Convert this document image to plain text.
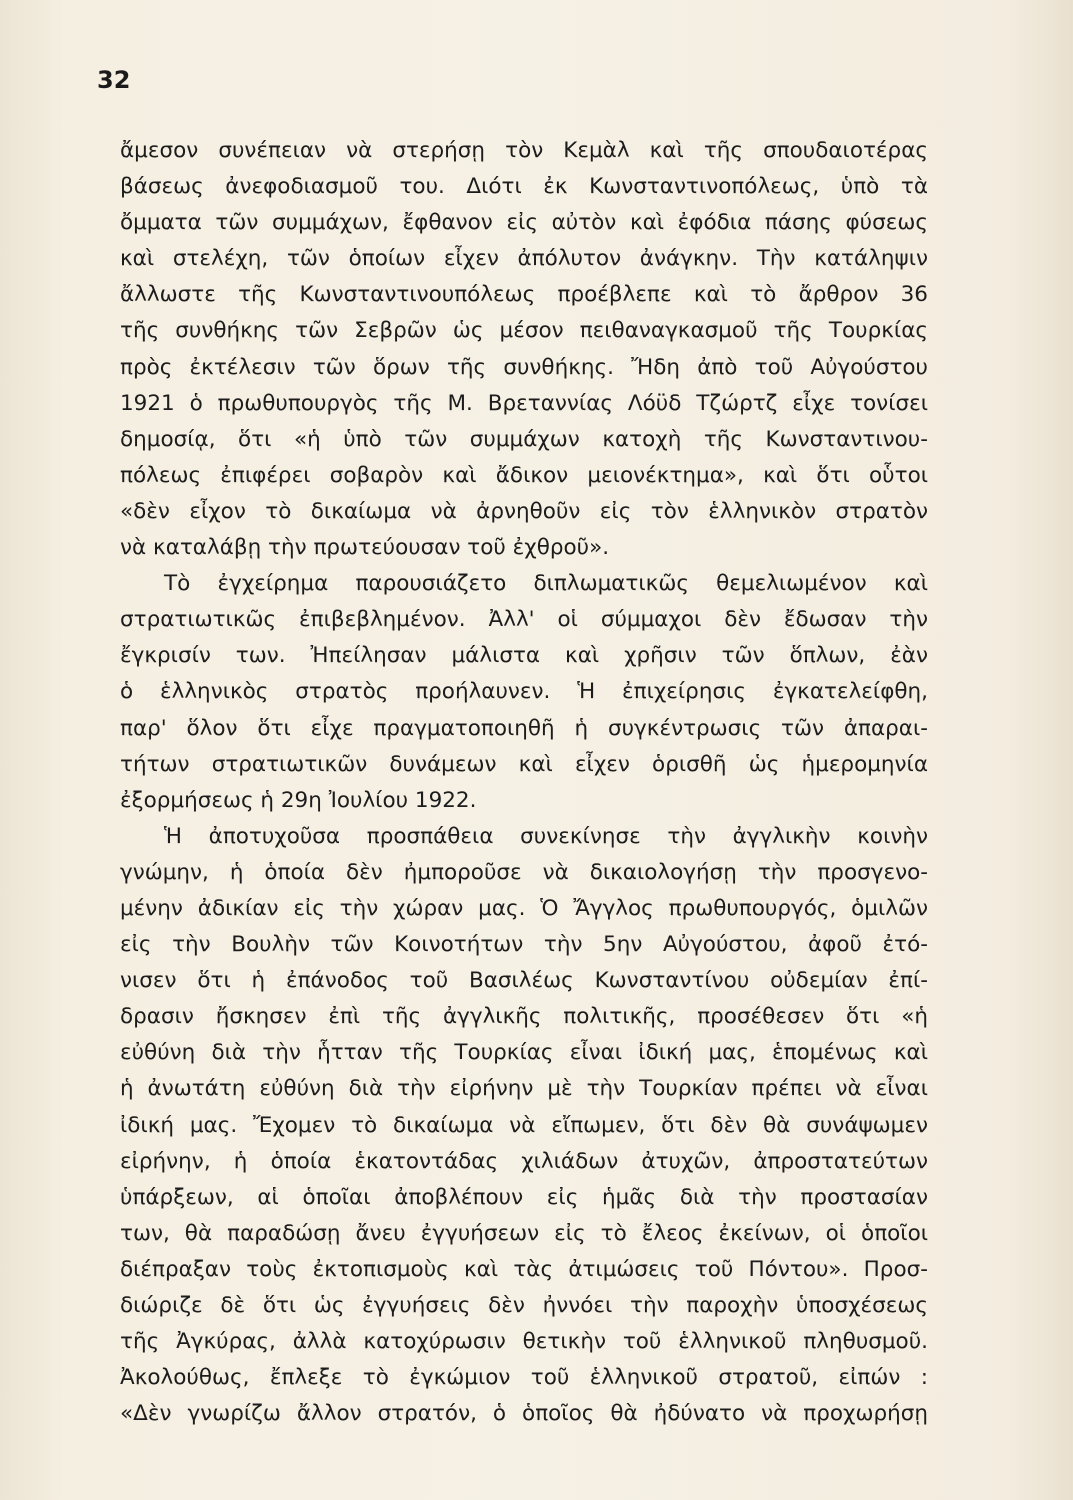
32

ἄμεσον συνέπειαν νὰ στερήσῃ τὸν Κεμὰλ καὶ τῆς σπουδαιοτέρας
βάσεως ἀνεφοδιασμοῦ του. Διότι ἐκ Κωνσταντινοπόλεως, ὑπὸ τὰ
ὄμματα τῶν συμμάχων, ἔφθανον εἰς αὐτὸν καὶ ἐφόδια πάσης φύσεως
καὶ στελέχη, τῶν ὁποίων εἶχεν ἀπόλυτον ἀνάγκην. Τὴν κατάληψιν
ἄλλωστε τῆς Κωνσταντινουπόλεως προέβλεπε καὶ τὸ ἄρθρον 36
τῆς συνθήκης τῶν Σεβρῶν ὡς μέσον πειθαναγκασμοῦ τῆς Τουρκίας
πρὸς ἐκτέλεσιν τῶν ὅρων τῆς συνθήκης. Ἤδη ἀπὸ τοῦ Αὐγούστου
1921 ὁ πρωθυπουργὸς τῆς Μ. Βρεταννίας Λόϋδ Τζώρτζ εἶχε τονίσει
δημοσίᾳ, ὅτι «ἡ ὑπὸ τῶν συμμάχων κατοχὴ τῆς Κωνσταντινου-
πόλεως ἐπιφέρει σοβαρὸν καὶ ἄδικον μειονέκτημα», καὶ ὅτι οὗτοι
«δὲν εἶχον τὸ δικαίωμα νὰ ἀρνηθοῦν εἰς τὸν ἑλληνικὸν στρατὸν
νὰ καταλάβῃ τὴν πρωτεύουσαν τοῦ ἐχθροῦ».
Τὸ ἐγχείρημα παρουσιάζετο διπλωματικῶς θεμελιωμένον καὶ
στρατιωτικῶς ἐπιβεβλημένον. Ἀλλ' οἱ σύμμαχοι δὲν ἔδωσαν τὴν
ἔγκρισίν των. Ἠπείλησαν μάλιστα καὶ χρῆσιν τῶν ὅπλων, ἐὰν
ὁ ἑλληνικὸς στρατὸς προήλαυνεν. Ἡ ἐπιχείρησις ἐγκατελείφθη,
παρ' ὅλον ὅτι εἶχε πραγματοποιηθῆ ἡ συγκέντρωσις τῶν ἀπαραι-
τήτων στρατιωτικῶν δυνάμεων καὶ εἶχεν ὁρισθῆ ὡς ἡμερομηνία
ἐξορμήσεως ἡ 29η Ἰουλίου 1922.
Ἡ ἀποτυχοῦσα προσπάθεια συνεκίνησε τὴν ἀγγλικὴν κοινὴν
γνώμην, ἡ ὁποία δὲν ἠμποροῦσε νὰ δικαιολογήσῃ τὴν προσγενο-
μένην ἀδικίαν εἰς τὴν χώραν μας. Ὁ Ἄγγλος πρωθυπουργός, ὁμιλῶν
εἰς τὴν Βουλὴν τῶν Κοινοτήτων τὴν 5ην Αὐγούστου, ἀφοῦ ἐτό-
νισεν ὅτι ἡ ἐπάνοδος τοῦ Βασιλέως Κωνσταντίνου οὐδεμίαν ἐπί-
δρασιν ἤσκησεν ἐπὶ τῆς ἀγγλικῆς πολιτικῆς, προσέθεσεν ὅτι «ἡ
εὐθύνη διὰ τὴν ἧτταν τῆς Τουρκίας εἶναι ἰδική μας, ἑπομένως καὶ
ἡ ἀνωτάτη εὐθύνη διὰ τὴν εἰρήνην μὲ τὴν Τουρκίαν πρέπει νὰ εἶναι
ἰδική μας. Ἔχομεν τὸ δικαίωμα νὰ εἴπωμεν, ὅτι δὲν θὰ συνάψωμεν
εἰρήνην, ἡ ὁποία ἑκατοντάδας χιλιάδων ἀτυχῶν, ἀπροστατεύτων
ὑπάρξεων, αἱ ὁποῖαι ἀποβλέπουν εἰς ἡμᾶς διὰ τὴν προστασίαν
των, θὰ παραδώσῃ ἄνευ ἐγγυήσεων εἰς τὸ ἔλεος ἐκείνων, οἱ ὁποῖοι
διέπραξαν τοὺς ἐκτοπισμοὺς καὶ τὰς ἀτιμώσεις τοῦ Πόντου». Προσ-
διώριζε δὲ ὅτι ὡς ἐγγυήσεις δὲν ἠννόει τὴν παροχὴν ὑποσχέσεως
τῆς Ἀγκύρας, ἀλλὰ κατοχύρωσιν θετικὴν τοῦ ἑλληνικοῦ πληθυσμοῦ.
Ἀκολούθως, ἔπλεξε τὸ ἐγκώμιον τοῦ ἑλληνικοῦ στρατοῦ, εἰπών :
«Δὲν γνωρίζω ἄλλον στρατόν, ὁ ὁποῖος θὰ ἠδύνατο νὰ προχωρήσῃ
